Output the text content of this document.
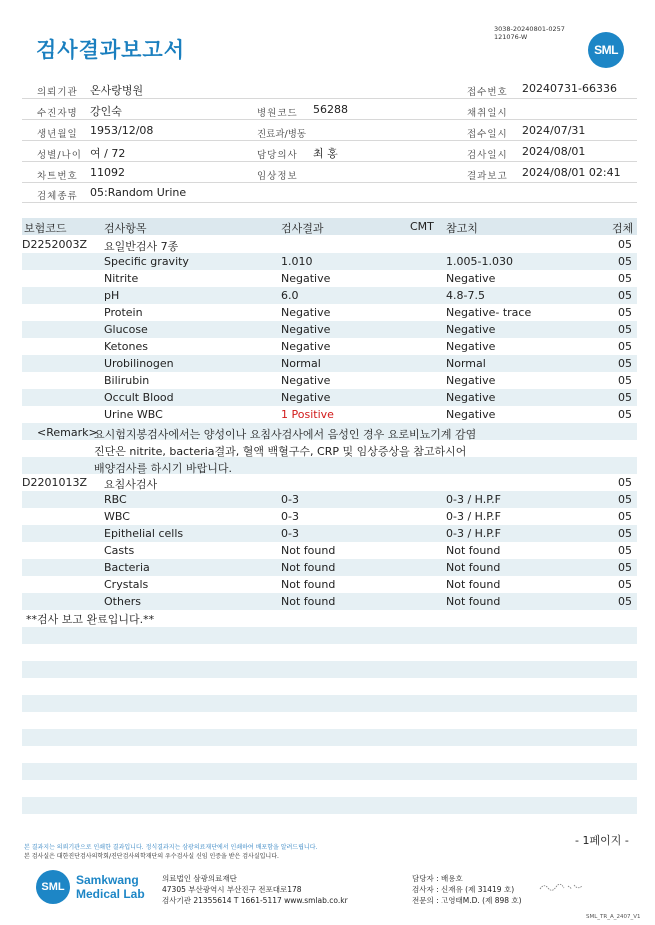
검사결과보고서
3038-20240801-0257
121076-W
SML
의뢰기관 온사랑병원
수진자명 강인숙
생년월일 1953/12/08
성별/나이 여 / 72
차트번호 11092
검체종류 05:Random Urine
병원코드 56288
진료과/병동
담당의사 최 홍
임상정보
접수번호 20240731-66336
채취일시
접수일시 2024/07/31
검사일시 2024/08/01
결과보고 2024/08/01 02:41
보험코드	검사항목	검사결과	CMT 참고치	검체
D2252003Z 요일반검사 7종	05
Specific gravity	1.010	1.005-1.030	05
Nitrite	Negative	Negative	05
pH	6.0	4.8-7.5	05
Protein	Negative	Negative- trace	05
Glucose	Negative	Negative	05
Ketones	Negative	Negative	05
Urobilinogen	Normal	Normal	05
Bilirubin	Negative	Negative	05
Occult Blood	Negative	Negative	05
Urine WBC	1 Positive	Negative	05
<Remark>
요시험지봉검사에서는 양성이나 요침사검사에서 음성인 경우 요로비뇨기계 감염
진단은 nitrite, bacteria결과, 혈액 백혈구수, CRP 및 임상증상을 참고하시어
배양검사를 하시기 바랍니다.
D2201013Z 요침사검사	05
RBC	0-3	0-3 / H.P.F	05
WBC	0-3	0-3 / H.P.F	05
Epithelial cells	0-3	0-3 / H.P.F	05
Casts	Not found	Not found	05
Bacteria	Not found	Not found	05
Crystals	Not found	Not found	05
Others	Not found	Not found	05
**검사 보고 완료입니다.**
본 결과지는 의뢰기관으로 인쇄한 결과입니다. 정식결과지는 삼광의료재단에서 인쇄하여 배포함을 알려드립니다.
본 검사실은 대한진단검사의학회/진단검사의학재단의 우수검사실 신임 인증을 받은 검사실입니다.
- 1페이지 -
SML Samkwang
Medical Lab
의료법인 삼광의료재단
47305 부산광역시 부산진구 전포대로178
검사기관 21355614 T 1661-5117 www.smlab.co.kr
담당자 : 배용호
검사자 : 신재유 (제 31419 호)
전문의 : 고영태M.D. (제 898 호)
SML_TR_A_2407_V1
